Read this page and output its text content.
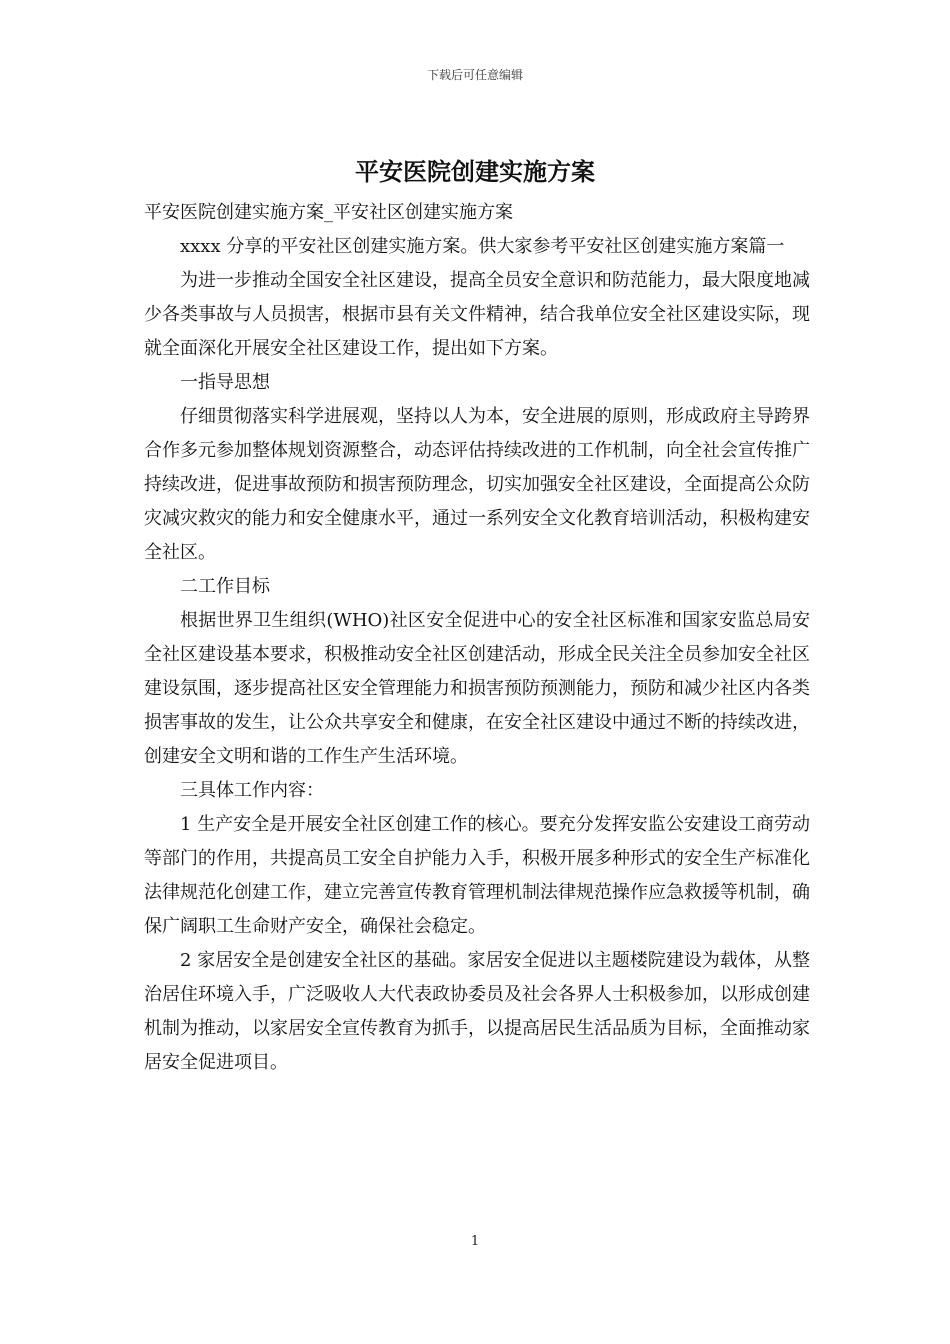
下载后可任意编辑
平安医院创建实施方案

平安医院创建实施方案_平安社区创建实施方案

xxxx 分享的平安社区创建实施方案。供大家参考平安社区创建实施方案篇一

为进一步推动全国安全社区建设，提高全员安全意识和防范能力，最大限度地减少各类事故与人员损害，根据市县有关文件精神，结合我单位安全社区建设实际，现就全面深化开展安全社区建设工作，提出如下方案。

一指导思想

仔细贯彻落实科学进展观，坚持以人为本，安全进展的原则，形成政府主导跨界合作多元参加整体规划资源整合，动态评估持续改进的工作机制，向全社会宣传推广持续改进，促进事故预防和损害预防理念，切实加强安全社区建设，全面提高公众防灾减灾救灾的能力和安全健康水平，通过一系列安全文化教育培训活动，积极构建安全社区。

二工作目标

根据世界卫生组织(WHO)社区安全促进中心的安全社区标准和国家安监总局安全社区建设基本要求，积极推动安全社区创建活动，形成全民关注全员参加安全社区建设氛围，逐步提高社区安全管理能力和损害预防预测能力，预防和减少社区内各类损害事故的发生，让公众共享安全和健康，在安全社区建设中通过不断的持续改进，创建安全文明和谐的工作生产生活环境。

三具体工作内容：

1 生产安全是开展安全社区创建工作的核心。要充分发挥安监公安建设工商劳动等部门的作用，共提高员工安全自护能力入手，积极开展多种形式的安全生产标准化法律规范化创建工作，建立完善宣传教育管理机制法律规范操作应急救援等机制，确保广阔职工生命财产安全，确保社会稳定。

2 家居安全是创建安全社区的基础。家居安全促进以主题楼院建设为载体，从整治居住环境入手，广泛吸收人大代表政协委员及社会各界人士积极参加，以形成创建机制为推动，以家居安全宣传教育为抓手，以提高居民生活品质为目标，全面推动家居安全促进项目。

1
